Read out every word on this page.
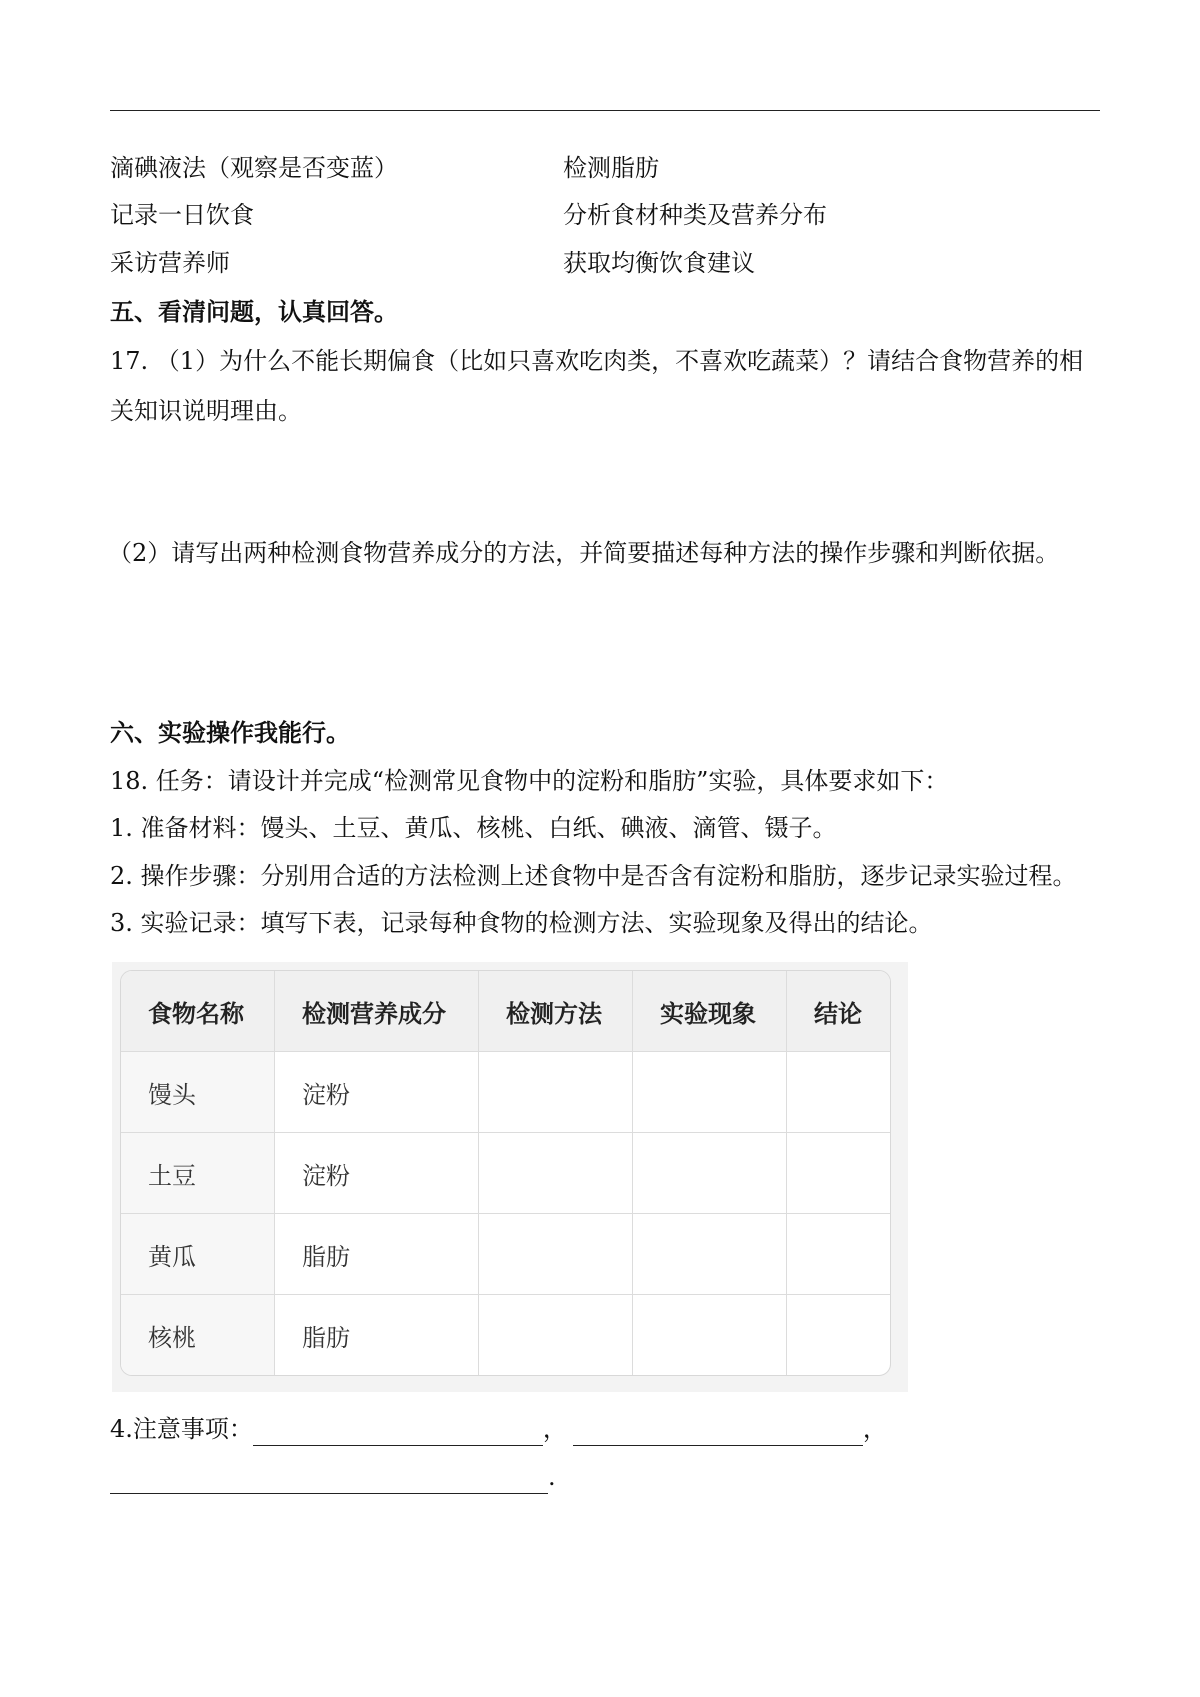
滴碘液法（观察是否变蓝）	检测脂肪
记录一日饮食	分析食材种类及营养分布
采访营养师	获取均衡饮食建议
五、看清问题，认真回答。
17. （1）为什么不能长期偏食（比如只喜欢吃肉类，不喜欢吃蔬菜）？请结合食物营养的相关知识说明理由。
（2）请写出两种检测食物营养成分的方法，并简要描述每种方法的操作步骤和判断依据。
六、实验操作我能行。
18. 任务：请设计并完成“检测常见食物中的淀粉和脂肪”实验，具体要求如下：
1. 准备材料：馒头、土豆、黄瓜、核桃、白纸、碘液、滴管、镊子。
2. 操作步骤：分别用合适的方法检测上述食物中是否含有淀粉和脂肪，逐步记录实验过程。
3. 实验记录：填写下表，记录每种食物的检测方法、实验现象及得出的结论。
食物名称	检测营养成分	检测方法	实验现象	结论
馒头	淀粉			
土豆	淀粉			
黄瓜	脂肪			
核桃	脂肪			
4.注意事项：	，	，
.
